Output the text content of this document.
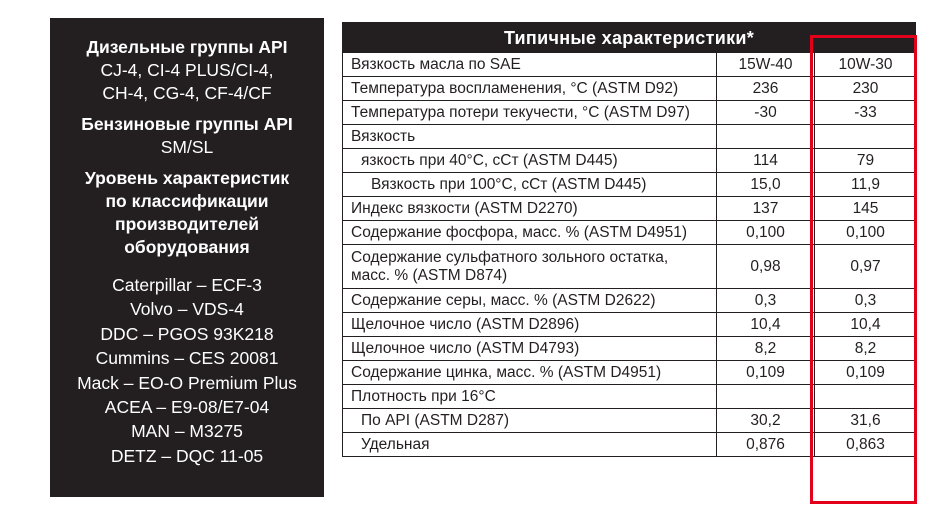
Дизельные группы API
CJ-4, CI-4 PLUS/CI-4,
CH-4, CG-4, CF-4/CF
Бензиновые группы API
SM/SL
Уровень характеристик
по классификации
производителей
оборудования
Caterpillar – ECF-3
Volvo – VDS-4
DDC – PGOS 93K218
Cummins – CES 20081
Mack – EO-O Premium Plus
ACEA – E9-08/E7-04
MAN – M3275
DETZ – DQC 11-05
Типичные характеристики*
Вязкость масла по SAE	15W-40	10W-30
Температура воспламенения, °С (ASTM D92)	236	230
Температура потери текучести, °С (ASTM D97)	-30	-33
Вязкость		
язкость при 40°С, сСт (ASTM D445)	114	79
Вязкость при 100°С, сСт (ASTM D445)	15,0	11,9
Индекс вязкости (ASTM D2270)	137	145
Содержание фосфора, масс. % (ASTM D4951)	0,100	0,100
Содержание сульфатного зольного остатка, масс. % (ASTM D874)	0,98	0,97
Содержание серы, масс. % (ASTM D2622)	0,3	0,3
Щелочное число (ASTM D2896)	10,4	10,4
Щелочное число (ASTM D4793)	8,2	8,2
Содержание цинка, масс. % (ASTM D4951)	0,109	0,109
Плотность при 16°С		
По API (ASTM D287)	30,2	31,6
Удельная	0,876	0,863
